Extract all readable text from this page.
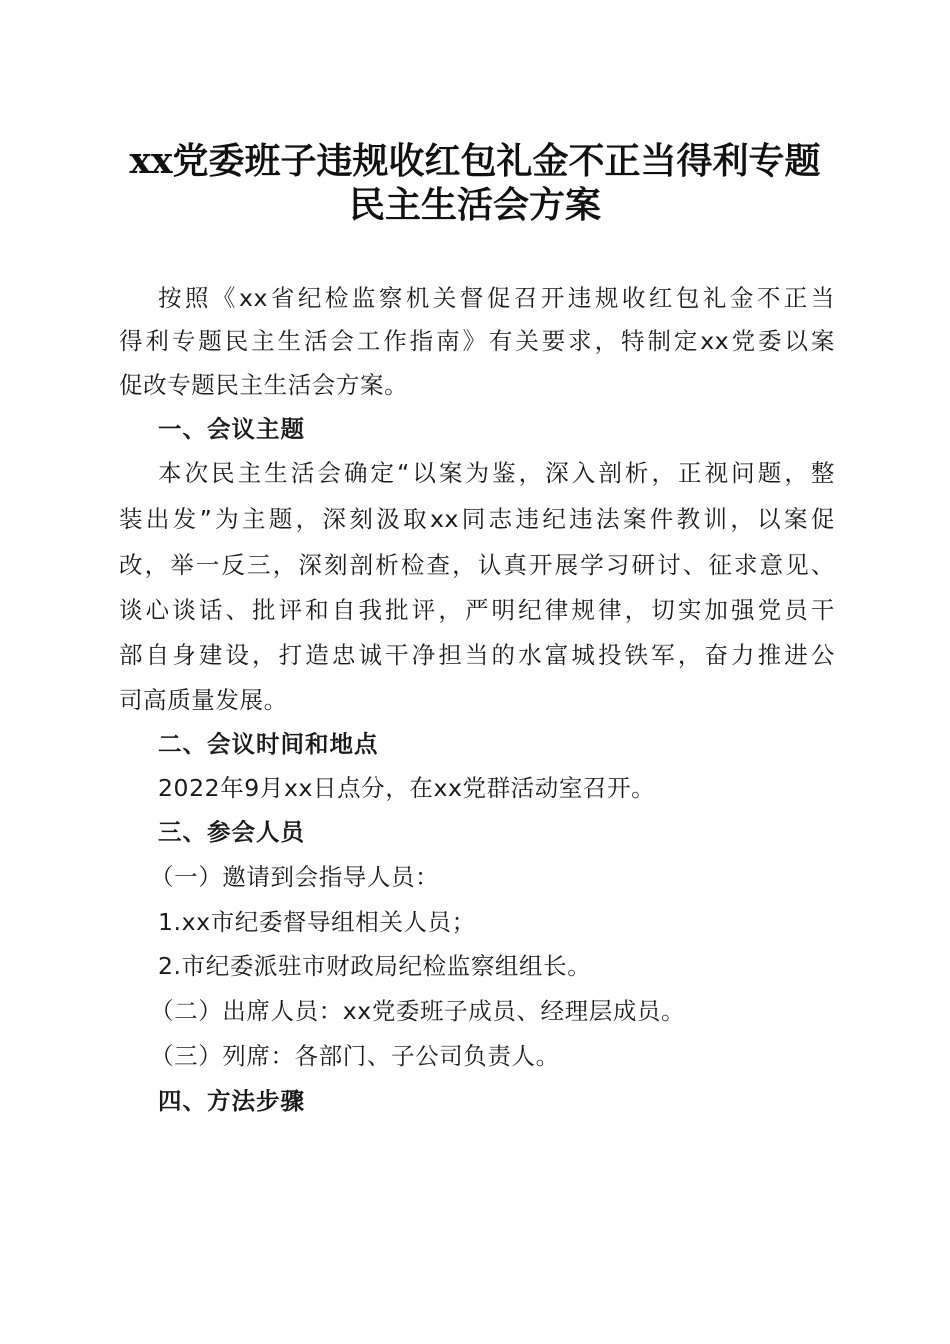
xx党委班子违规收红包礼金不正当得利专题
民主生活会方案
按照《xx省纪检监察机关督促召开违规收红包礼金不正当
得利专题民主生活会工作指南》有关要求，特制定xx党委以案
促改专题民主生活会方案。
一、会议主题
本次民主生活会确定“以案为鉴，深入剖析，正视问题，整
装出发”为主题，深刻汲取xx同志违纪违法案件教训，以案促
改，举一反三，深刻剖析检查，认真开展学习研讨、征求意见、
谈心谈话、批评和自我批评，严明纪律规律，切实加强党员干
部自身建设，打造忠诚干净担当的水富城投铁军，奋力推进公
司高质量发展。
二、会议时间和地点
2022年9月xx日点分，在xx党群活动室召开。
三、参会人员
（一）邀请到会指导人员：
1.xx市纪委督导组相关人员；
2.市纪委派驻市财政局纪检监察组组长。
（二）出席人员：xx党委班子成员、经理层成员。
（三）列席：各部门、子公司负责人。
四、方法步骤
